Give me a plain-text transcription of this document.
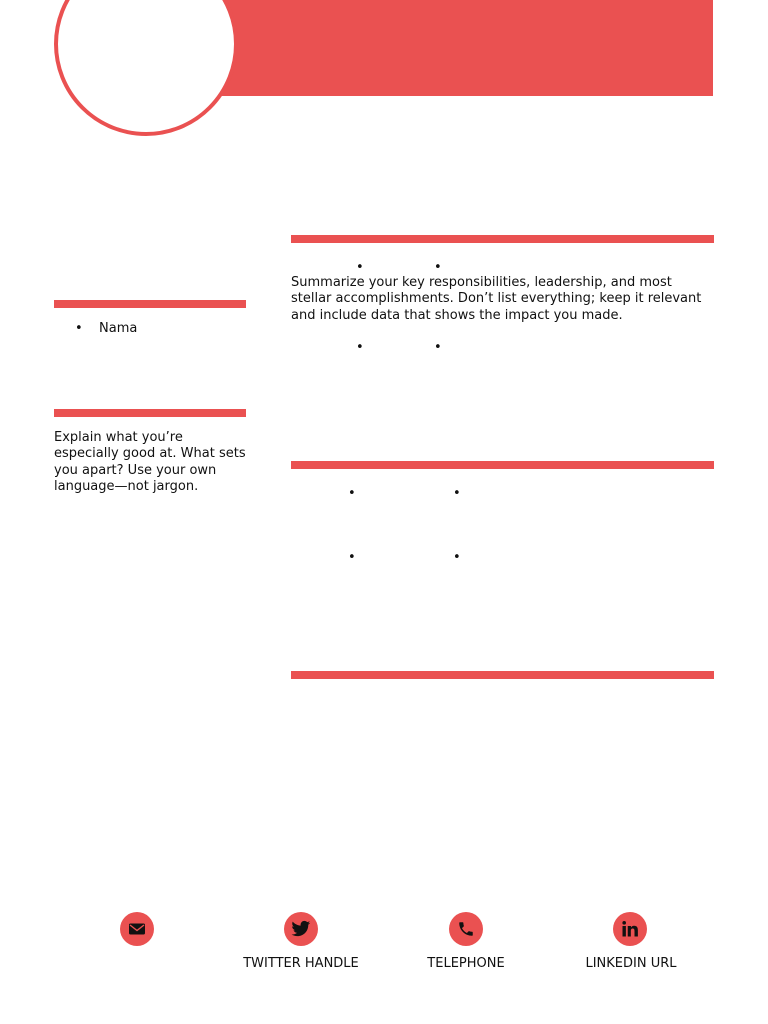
• Nama

Explain what you’re especially good at. What sets you apart? Use your own language—not jargon.

•	•

Summarize your key responsibilities, leadership, and most stellar accomplishments. Don’t list everything; keep it relevant and include data that shows the impact you made.

•	•
•	•
•	•
TWITTER HANDLE	TELEPHONE	LINKEDIN URL
